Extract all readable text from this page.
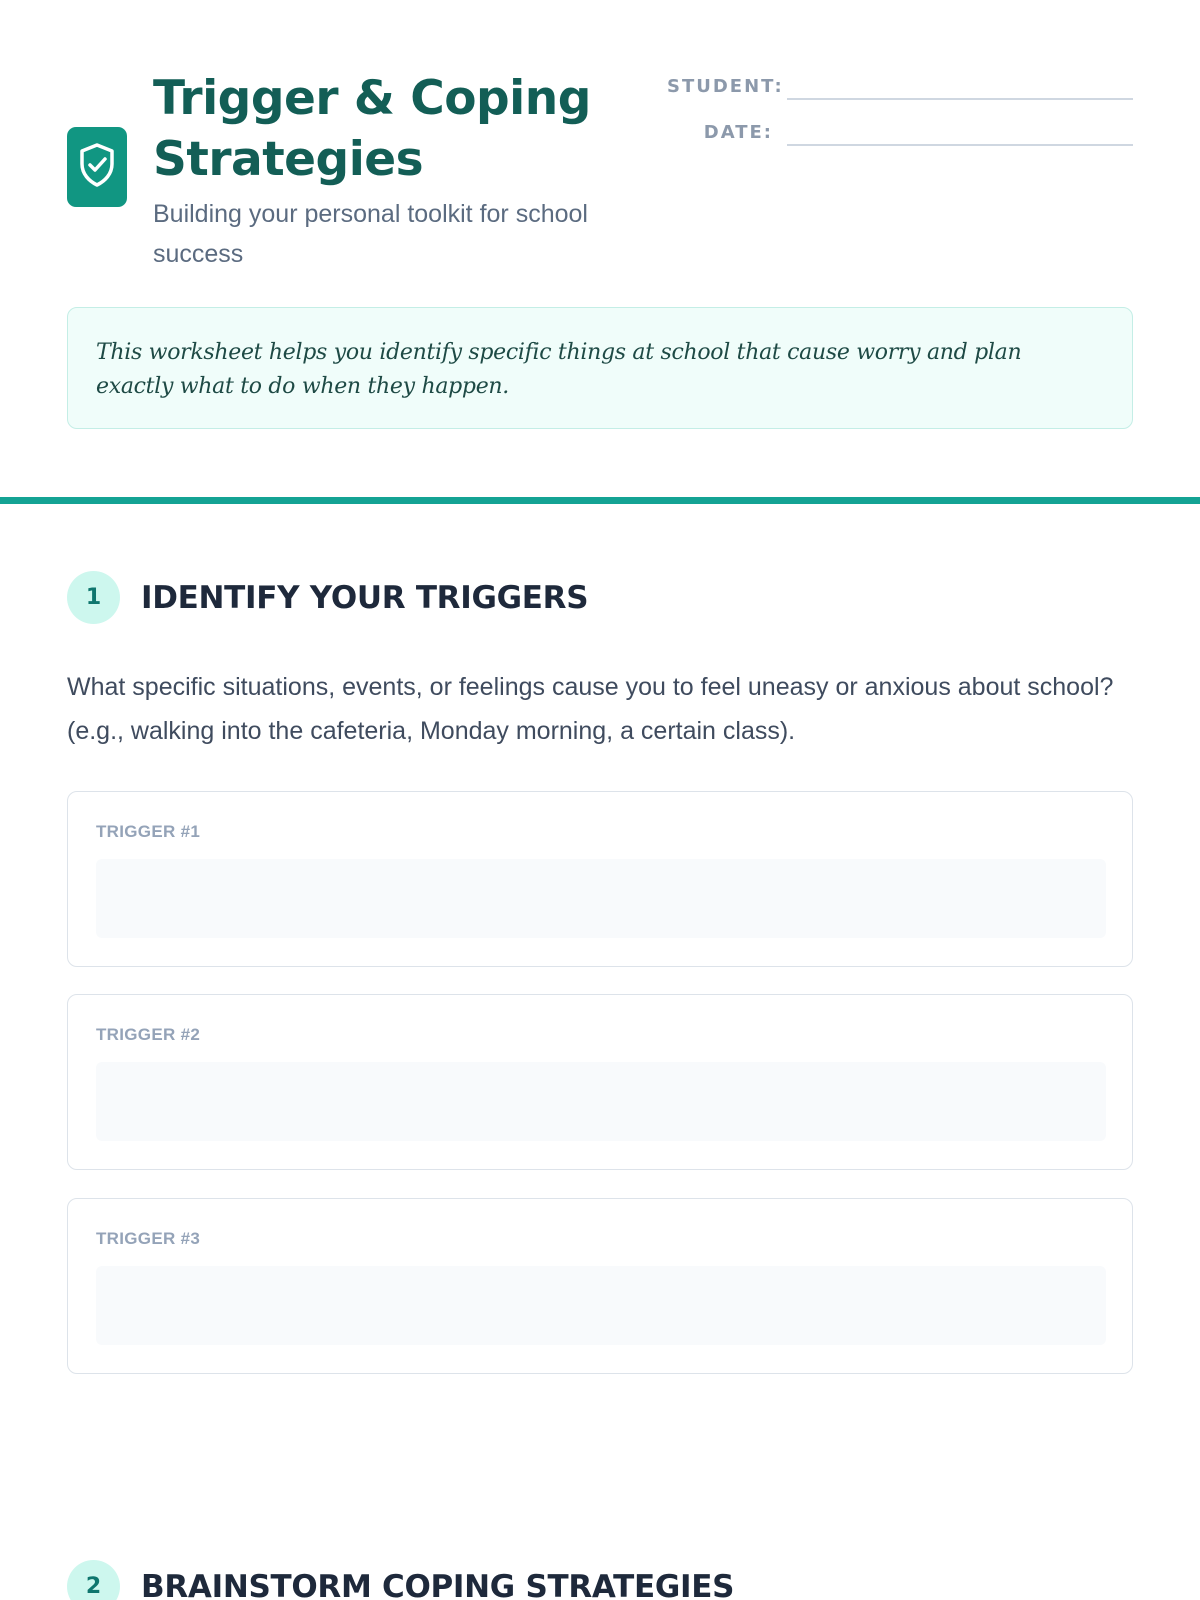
Trigger & Coping Strategies
Building your personal toolkit for school success
STUDENT:
DATE:
This worksheet helps you identify specific things at school that cause worry and plan exactly what to do when they happen.
1	IDENTIFY YOUR TRIGGERS
What specific situations, events, or feelings cause you to feel uneasy or anxious about school? (e.g., walking into the cafeteria, Monday morning, a certain class).
TRIGGER #1
TRIGGER #2
TRIGGER #3
2	BRAINSTORM COPING STRATEGIES
